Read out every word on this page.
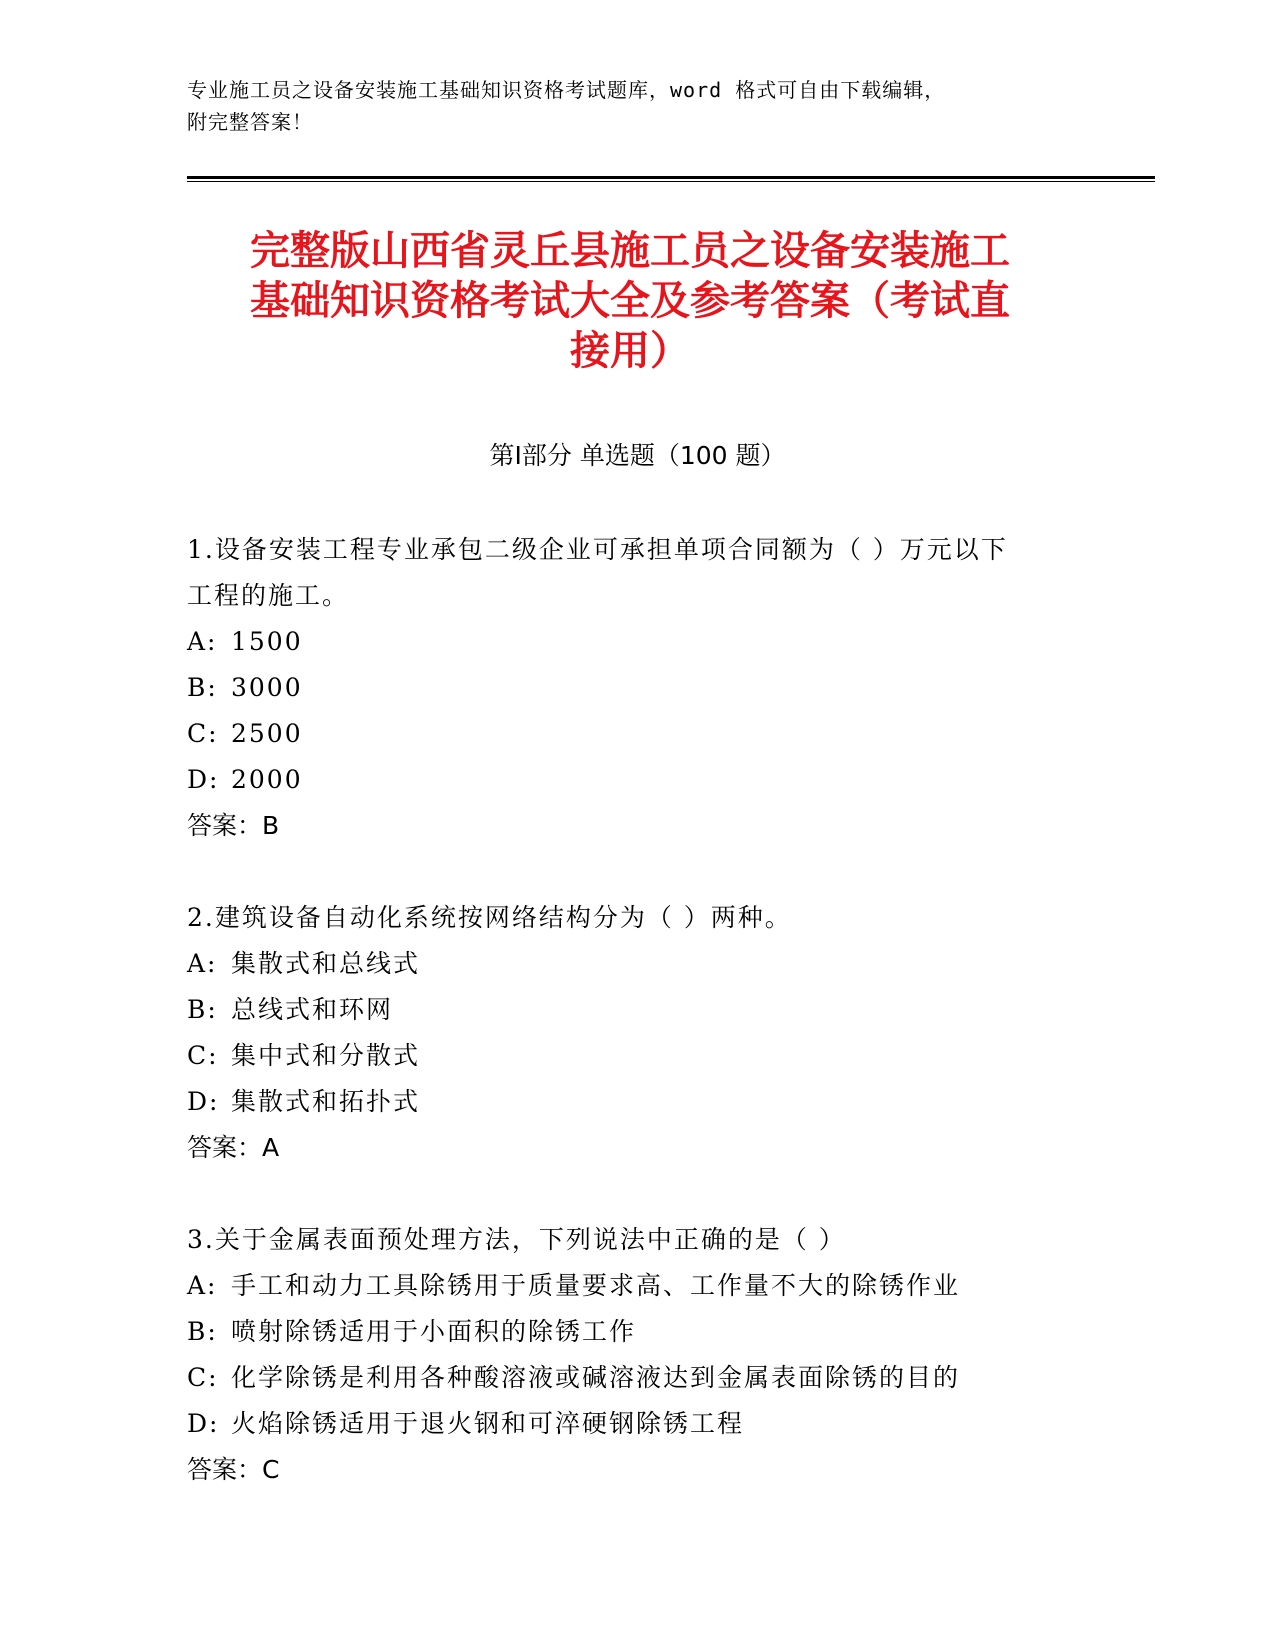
专业施工员之设备安装施工基础知识资格考试题库，word 格式可自由下载编辑，
附完整答案！
完整版山西省灵丘县施工员之设备安装施工
基础知识资格考试大全及参考答案（考试直
接用）
第Ⅰ部分 单选题（100 题）
1.设备安装工程专业承包二级企业可承担单项合同额为（ ）万元以下
工程的施工。
A: 1500
B: 3000
C: 2500
D: 2000
答案：B
2.建筑设备自动化系统按网络结构分为（ ）两种。
A: 集散式和总线式
B: 总线式和环网
C: 集中式和分散式
D: 集散式和拓扑式
答案：A
3.关于金属表面预处理方法，下列说法中正确的是（ ）
A: 手工和动力工具除锈用于质量要求高、工作量不大的除锈作业
B: 喷射除锈适用于小面积的除锈工作
C: 化学除锈是利用各种酸溶液或碱溶液达到金属表面除锈的目的
D: 火焰除锈适用于退火钢和可淬硬钢除锈工程
答案：C
